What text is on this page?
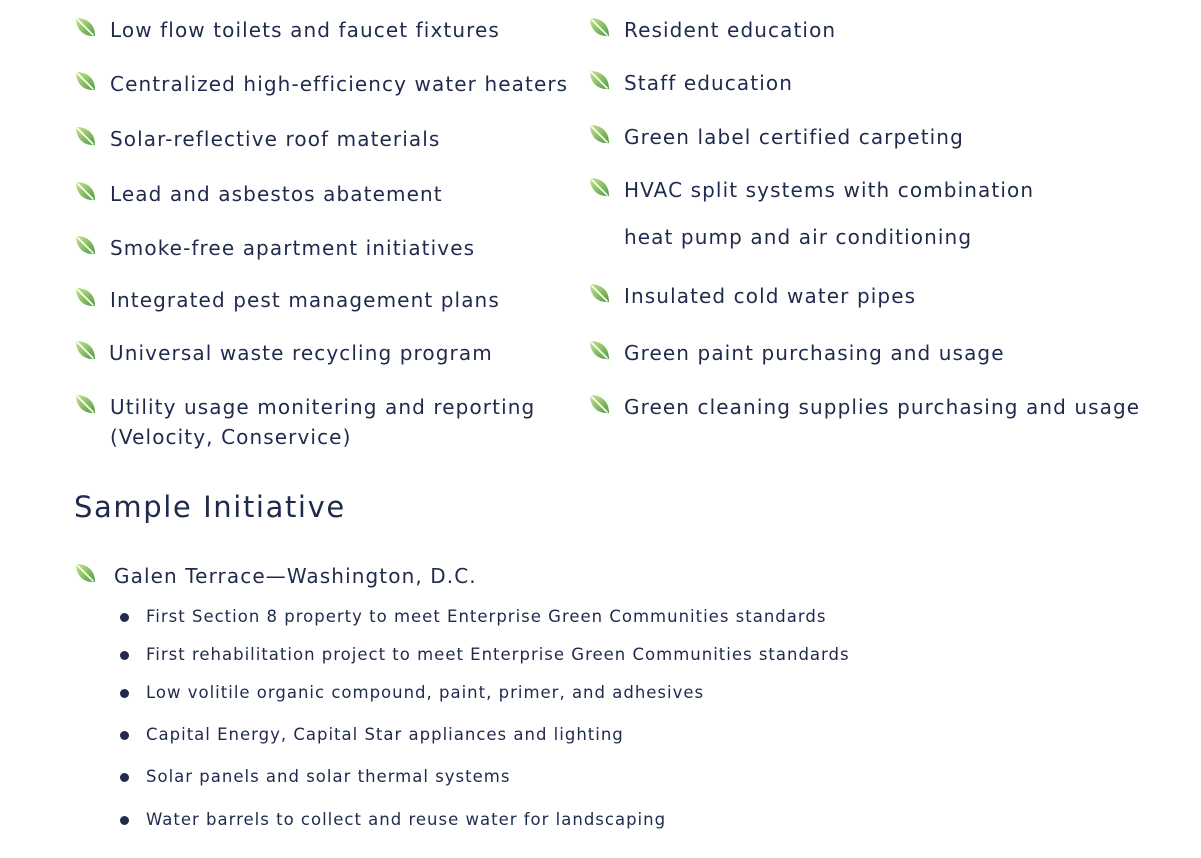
Low flow toilets and faucet fixtures
Centralized high-efficiency water heaters
Solar-reflective roof materials
Lead and asbestos abatement
Smoke-free apartment initiatives
Integrated pest management plans
Universal waste recycling program
Utility usage monitering and reporting
(Velocity, Conservice)
Resident education
Staff education
Green label certified carpeting
HVAC split systems with combination
heat pump and air conditioning
Insulated cold water pipes
Green paint purchasing and usage
Green cleaning supplies purchasing and usage
Sample Initiative
Galen Terrace—Washington, D.C.
First Section 8 property to meet Enterprise Green Communities standards
First rehabilitation project to meet Enterprise Green Communities standards
Low volitile organic compound, paint, primer, and adhesives
Capital Energy, Capital Star appliances and lighting
Solar panels and solar thermal systems
Water barrels to collect and reuse water for landscaping
